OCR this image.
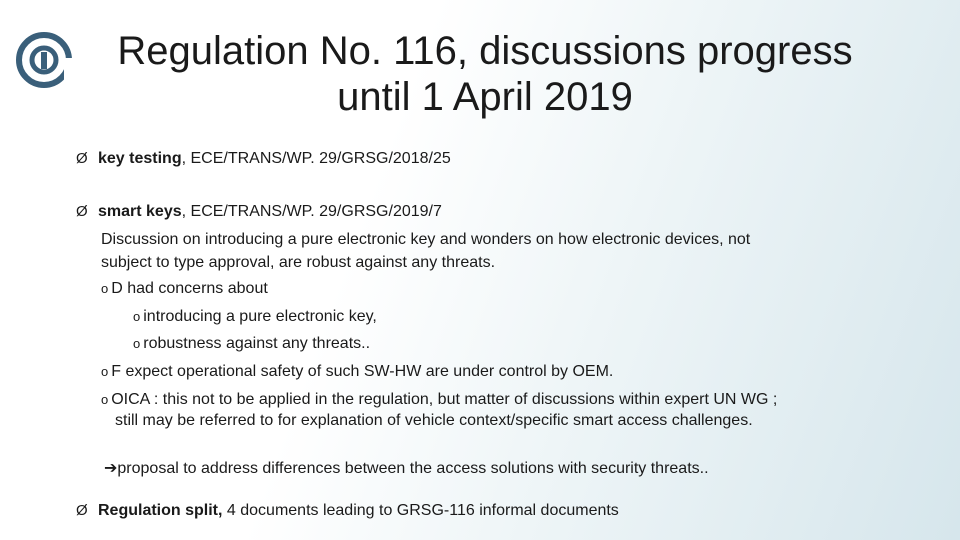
Regulation No. 116, discussions progress
until 1 April 2019
Ø key testing, ECE/TRANS/WP. 29/GRSG/2018/25
Ø smart keys, ECE/TRANS/WP. 29/GRSG/2019/7
Discussion on introducing a pure electronic key and wonders on how electronic devices, not
subject to type approval, are robust against any threats.
o D had concerns about
o introducing a pure electronic key,
o robustness against any threats..
o F expect operational safety of such SW-HW are under control by OEM.
o OICA : this not to be applied in the regulation, but matter of discussions within expert UN WG ;
still may be referred to for explanation of vehicle context/specific smart access challenges.
➔proposal to address differences between the access solutions with security threats..
Ø Regulation split, 4 documents leading to GRSG-116 informal documents
